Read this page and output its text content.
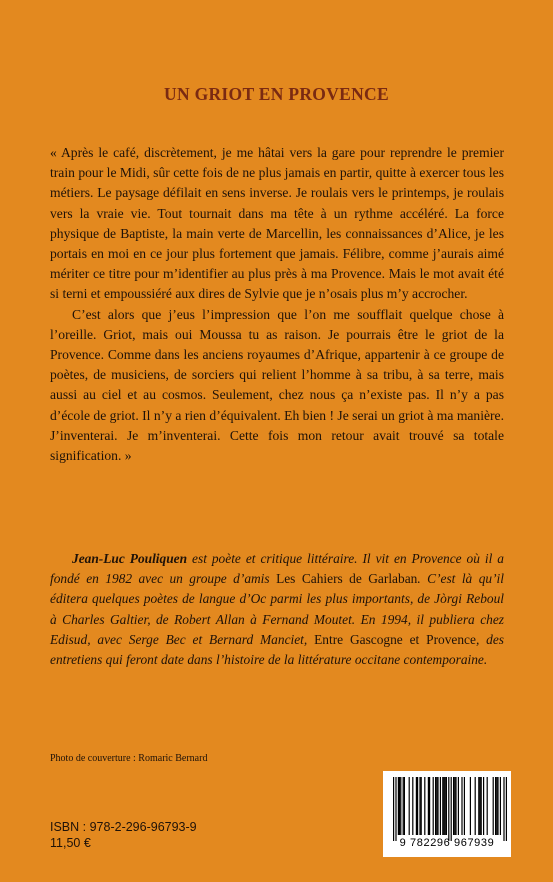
UN GRIOT EN PROVENCE

« Après le café, discrètement, je me hâtai vers la gare pour reprendre le premier train pour le Midi, sûr cette fois de ne plus jamais en partir, quitte à exercer tous les métiers. Le paysage défilait en sens inverse. Je roulais vers le printemps, je roulais vers la vraie vie. Tout tournait dans ma tête à un rythme accéléré. La force physique de Baptiste, la main verte de Marcellin, les connaissances d’Alice, je les portais en moi en ce jour plus fortement que jamais. Félibre, comme j’aurais aimé mériter ce titre pour m’identifier au plus près à ma Provence. Mais le mot avait été si terni et empoussiéré aux dires de Sylvie que je n’osais plus m’y accrocher.

C’est alors que j’eus l’impression que l’on me soufflait quelque chose à l’oreille. Griot, mais oui Moussa tu as raison. Je pourrais être le griot de la Provence. Comme dans les anciens royaumes d’Afrique, appartenir à ce groupe de poètes, de musiciens, de sorciers qui relient l’homme à sa tribu, à sa terre, mais aussi au ciel et au cosmos. Seulement, chez nous ça n’existe pas. Il n’y a pas d’école de griot. Il n’y a rien d’équivalent. Eh bien ! Je serai un griot à ma manière. J’inventerai. Je m’inventerai. Cette fois mon retour avait trouvé sa totale signification. »

Jean-Luc Pouliquen est poète et critique littéraire. Il vit en Provence où il a fondé en 1982 avec un groupe d’amis Les Cahiers de Garlaban. C’est là qu’il éditera quelques poètes de langue d’Oc parmi les plus importants, de Jòrgi Reboul à Charles Galtier, de Robert Allan à Fernand Moutet. En 1994, il publiera chez Edisud, avec Serge Bec et Bernard Manciet, Entre Gascogne et Provence, des entretiens qui feront date dans l’histoire de la littérature occitane contemporaine.
Photo de couverture : Romaric Bernard
ISBN : 978-2-296-96793-9
11,50 €	9 782296 967939
